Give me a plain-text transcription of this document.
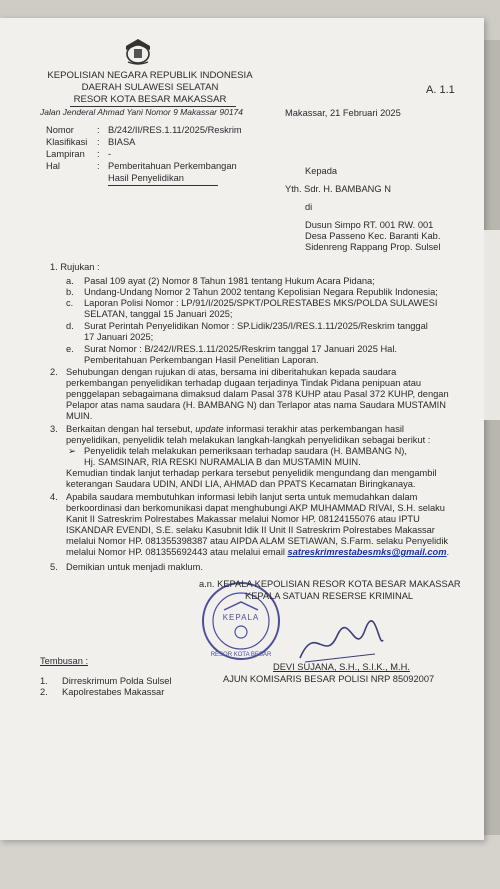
KEPOLISIAN NEGARA REPUBLIK INDONESIA
DAERAH SULAWESI SELATAN
RESOR KOTA BESAR MAKASSAR
Jalan Jenderal Ahmad Yani Nomor 9 Makassar 90174
A. 1.1
Makassar, 21 Februari 2025
Nomor
Klasifikasi
Lampiran
Hal
:
:
:
:
B/242/II/RES.1.11/2025/Reskrim
BIASA
-
Pemberitahuan Perkembangan
Hasil Penyelidikan
Kepada
Yth. Sdr. H. BAMBANG N
di
Dusun Simpo RT. 001 RW. 001
Desa Passeno Kec. Baranti Kab.
Sidenreng Rappang Prop. Sulsel
1. Rujukan :
a. Pasal 109 ayat (2) Nomor 8 Tahun 1981 tentang Hukum Acara Pidana;
b. Undang-Undang Nomor 2 Tahun 2002 tentang Kepolisian Negara Republik Indonesia;
c. Laporan Polisi Nomor : LP/91/I/2025/SPKT/POLRESTABES MKS/POLDA SULAWESI
SELATAN, tanggal 15 Januari 2025;
d. Surat Perintah Penyelidikan Nomor : SP.Lidik/235/I/RES.1.11/2025/Reskrim tanggal
17 Januari 2025;
e. Surat Nomor : B/242/I/RES.1.11/2025/Reskrim tanggal 17 Januari 2025 Hal.
Pemberitahuan Perkembangan Hasil Penelitian Laporan.
2. Sehubungan dengan rujukan di atas, bersama ini diberitahukan kepada saudara
perkembangan penyelidikan terhadap dugaan terjadinya Tindak Pidana penipuan atau
penggelapan sebagaimana dimaksud dalam Pasal 378 KUHP atau Pasal 372 KUHP, dengan
Pelapor atas nama saudara (H. BAMBANG N) dan Terlapor atas nama Saudara MUSTAMIN
MUIN.
3. Berkaitan dengan hal tersebut, update informasi terakhir atas perkembangan hasil
penyelidikan, penyelidik telah melakukan langkah-langkah penyelidikan sebagai berikut :
➢ Penyelidik telah melakukan pemeriksaan terhadap saudara (H. BAMBANG N),
Hj. SAMSINAR, RIA RESKI NURAMALIA B dan MUSTAMIN MUIN.
Kemudian tindak lanjut terhadap perkara tersebut penyelidik mengundang dan mengambil
keterangan Saudara UDIN, ANDI LIA, AHMAD dan PPATS Kecamatan Biringkanaya.
4. Apabila saudara membutuhkan informasi lebih lanjut serta untuk memudahkan dalam
berkoordinasi dan berkomunikasi dapat menghubungi AKP MUHAMMAD RIVAI, S.H. selaku
Kanit II Satreskrim Polrestabes Makassar melalui Nomor HP. 08124155076 atau IPTU
ISKANDAR EVENDI, S.E. selaku Kasubnit Idik II Unit II Satreskrim Polrestabes Makassar
melalui Nomor HP. 081355398387 atau AIPDA ALAM SETIAWAN, S.Farm. selaku Penyelidik
melalui Nomor HP. 081355692443 atau melalui email satreskrimrestabesmks@gmail.com.
5. Demikian untuk menjadi maklum.
KEPALA
RESOR KOTA BESAR
a.n. KEPALA KEPOLISIAN RESOR KOTA BESAR MAKASSAR
KEPALA SATUAN RESERSE KRIMINAL
DEVI SUJANA, S.H., S.I.K., M.H.
AJUN KOMISARIS BESAR POLISI NRP 85092007
Tembusan :
1. Dirreskrimum Polda Sulsel
2. Kapolrestabes Makassar
